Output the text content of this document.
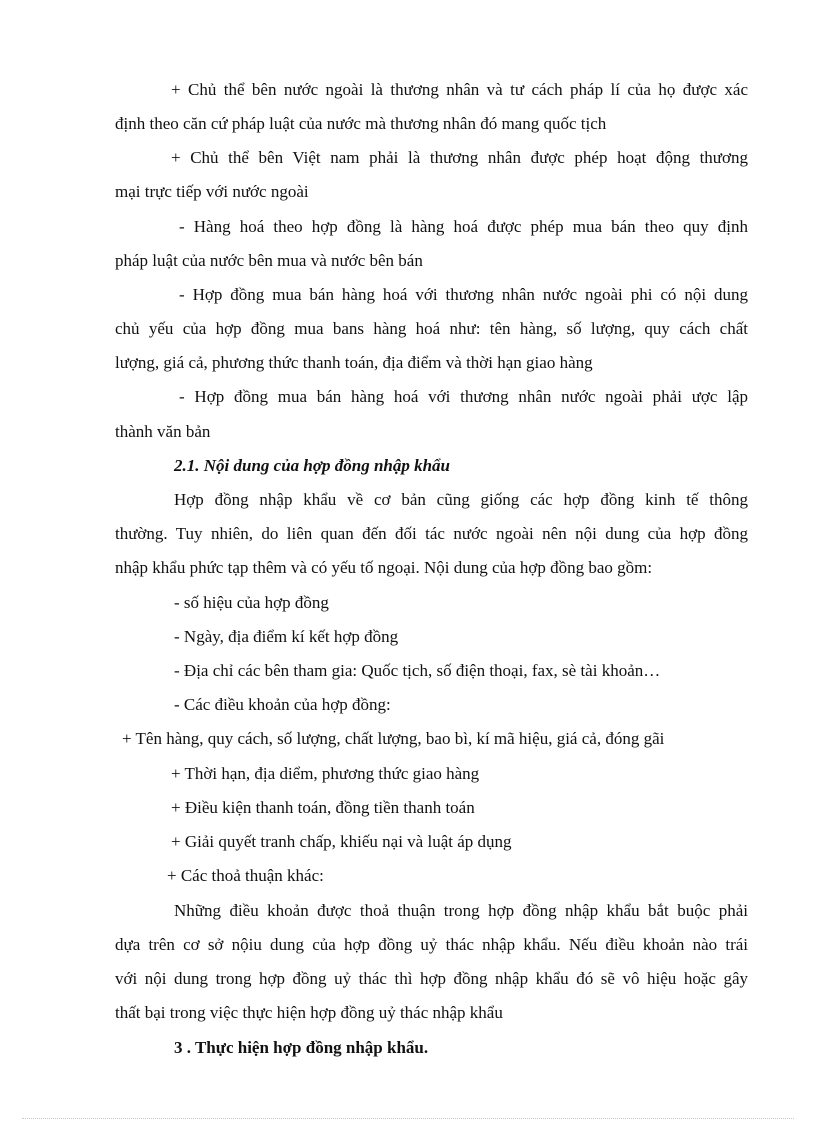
+ Chủ thể bên nước ngoài là thương nhân và tư cách pháp lí của họ được xác
định theo căn cứ pháp luật của nước mà thương nhân đó mang quốc tịch
+ Chủ thể bên Việt nam phải là thương nhân được phép hoạt động thương
mại trực tiếp với nước ngoài
- Hàng hoá theo hợp đồng là hàng hoá được phép mua bán theo quy định
pháp luật của nước bên mua và nước bên bán
- Hợp đồng mua bán hàng hoá với thương nhân nước ngoài phi có nội dung
chủ yếu của hợp đồng mua bans hàng hoá như: tên hàng, số lượng, quy cách chất
lượng, giá cả, phương thức thanh toán, địa điểm và thời hạn giao hàng
- Hợp đồng mua bán hàng hoá với thương nhân nước ngoài phải ược lập
thành văn bản
2.1. Nội dung của hợp đồng nhập khẩu
Hợp đồng nhập khẩu về cơ bản cũng giống các hợp đồng kinh tế thông
thường. Tuy nhiên, do liên quan đến đối tác nước ngoài nên nội dung của hợp đồng
nhập khẩu phức tạp thêm và có yếu tố ngoại. Nội dung của hợp đồng bao gồm:
- số hiệu của hợp đồng
- Ngày, địa điểm kí kết hợp đồng
- Địa chỉ các bên tham gia: Quốc tịch, số điện thoại, fax, sè tài khoản…
- Các điều khoản của hợp đồng:
+ Tên hàng, quy cách, số lượng, chất lượng, bao bì, kí mã hiệu, giá cả, đóng gãi
+ Thời hạn, địa diểm, phương thức giao hàng
+ Điều kiện thanh toán, đồng tiền thanh toán
+ Giải quyết tranh chấp, khiếu nại và luật áp dụng
+ Các thoả thuận khác:
Những điều khoản được thoả thuận trong hợp đồng nhập khẩu bắt buộc phải
dựa trên cơ sở nộiu dung của hợp đồng uỷ thác nhập khẩu. Nếu điều khoản nào trái
với nội dung trong hợp đồng uỷ thác thì hợp đồng nhập khẩu đó sẽ vô hiệu hoặc gây
thất bại trong việc thực hiện hợp đồng uỷ thác nhập khẩu
3 . Thực hiện hợp đồng nhập khẩu.
